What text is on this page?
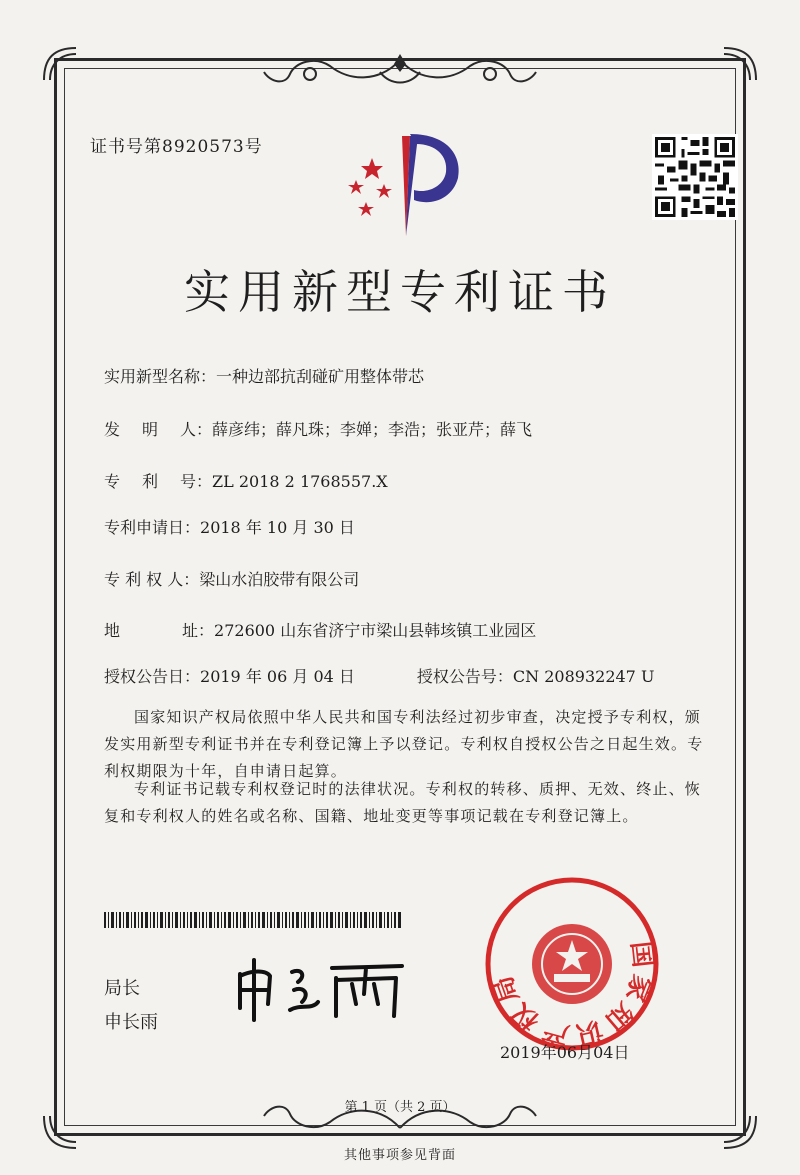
证书号第8920573号
实用新型专利证书
实用新型名称：一种边部抗刮碰矿用整体带芯
发 明 人：薛彦纬；薛凡珠；李婵；李浩；张亚芹；薛飞
专 利 号：ZL 2018 2 1768557.X
专利申请日：2018 年 10 月 30 日
专 利 权 人：梁山水泊胶带有限公司
地	址：272600 山东省济宁市梁山县韩垓镇工业园区
授权公告日：2019 年 06 月 04 日	授权公告号：CN 208932247 U
国家知识产权局依照中华人民共和国专利法经过初步审查，决定授予专利权，颁发实用新型专利证书并在专利登记簿上予以登记。专利权自授权公告之日起生效。专利权期限为十年，自申请日起算。
专利证书记载专利权登记时的法律状况。专利权的转移、质押、无效、终止、恢复和专利权人的姓名或名称、国籍、地址变更等事项记载在专利登记簿上。
局长
申长雨
国家知识产权局
2019年06月04日
第 1 页（共 2 页）
其他事项参见背面
